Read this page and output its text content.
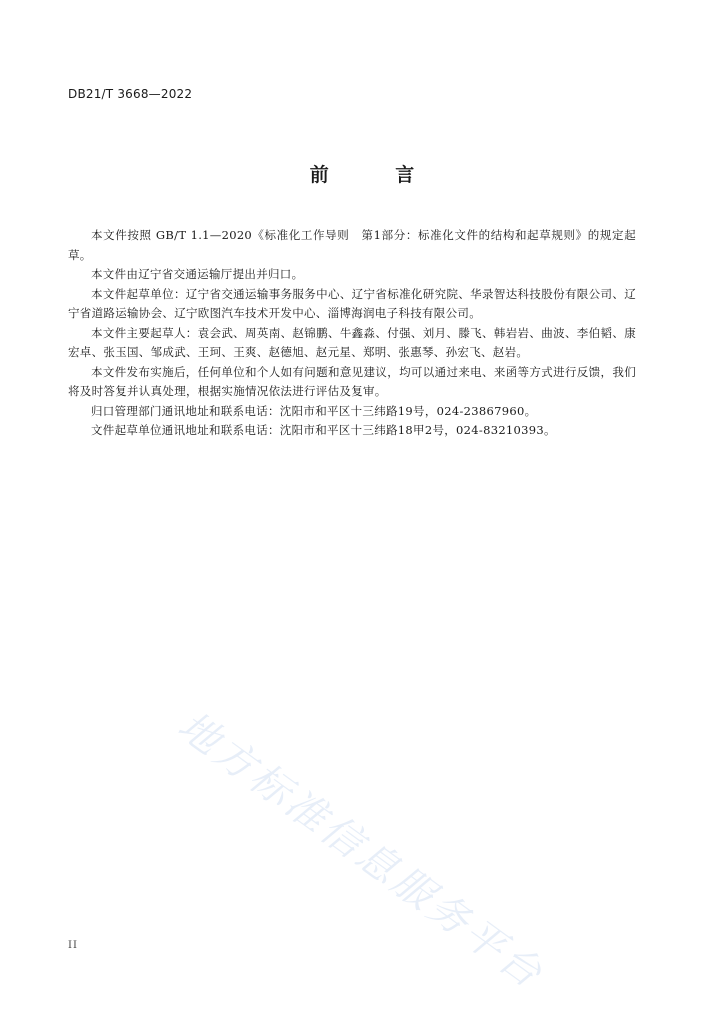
DB21/T 3668—2022
前 言

本文件按照 GB/T 1.1—2020《标准化工作导则　第1部分：标准化文件的结构和起草规则》的规定起草。

本文件由辽宁省交通运输厅提出并归口。

本文件起草单位：辽宁省交通运输事务服务中心、辽宁省标准化研究院、华录智达科技股份有限公司、辽宁省道路运输协会、辽宁欧图汽车技术开发中心、淄博海润电子科技有限公司。

本文件主要起草人：袁会武、周英南、赵锦鹏、牛鑫淼、付强、刘月、滕飞、韩岩岩、曲波、李伯韬、康宏卓、张玉国、邹成武、王珂、王爽、赵德旭、赵元星、郑明、张惠琴、孙宏飞、赵岩。

本文件发布实施后，任何单位和个人如有问题和意见建议，均可以通过来电、来函等方式进行反馈，我们将及时答复并认真处理，根据实施情况依法进行评估及复审。

归口管理部门通讯地址和联系电话：沈阳市和平区十三纬路19号，024-23867960。

文件起草单位通讯地址和联系电话：沈阳市和平区十三纬路18甲2号，024-83210393。

地方标准信息服务平台
II
